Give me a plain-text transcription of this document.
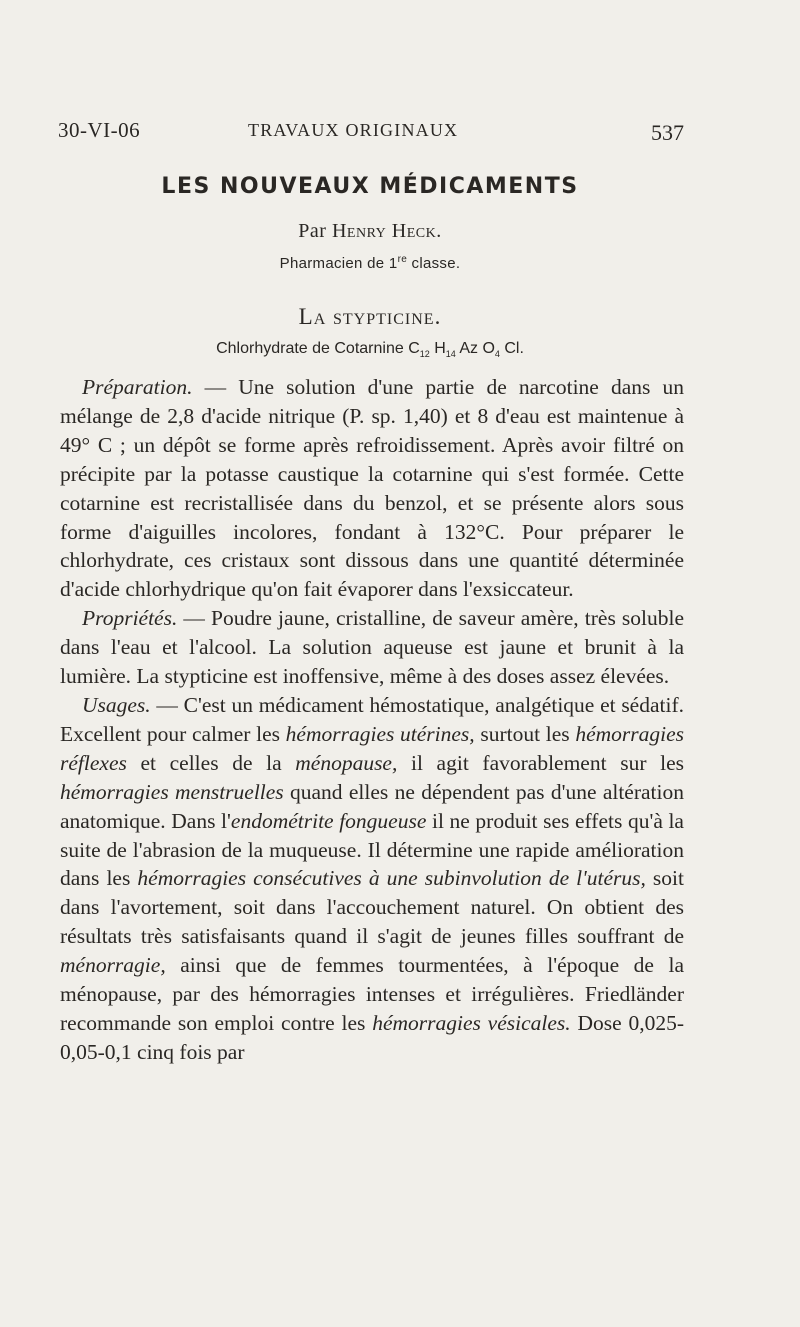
30-VI-06	TRAVAUX ORIGINAUX	537
LES NOUVEAUX MÉDICAMENTS
Par Henry Heck.
Pharmacien de 1re classe.
La stypticine.
Chlorhydrate de Cotarnine $C_{12}$ $H_{14}$ Az $O_4$ Cl.

Préparation. — Une solution d'une partie de narcotine dans un mélange de 2,8 d'acide nitrique (P. sp. 1,40) et 8 d'eau est maintenue à 49° C ; un dépôt se forme après refroidissement. Après avoir filtré on précipite par la potasse caustique la cotarnine qui s'est formée. Cette cotarnine est recristallisée dans du benzol, et se présente alors sous forme d'aiguilles incolores, fondant à 132°C. Pour préparer le chlorhydrate, ces cristaux sont dissous dans une quantité déterminée d'acide chlorhydrique qu'on fait évaporer dans l'exsiccateur.

Propriétés. — Poudre jaune, cristalline, de saveur amère, très soluble dans l'eau et l'alcool. La solution aqueuse est jaune et brunit à la lumière. La stypticine est inoffensive, même à des doses assez élevées.

Usages. — C'est un médicament hémostatique, analgétique et sédatif. Excellent pour calmer les hémorragies utérines, surtout les hémorragies réflexes et celles de la ménopause, il agit favorablement sur les hémorragies menstruelles quand elles ne dépendent pas d'une altération anatomique. Dans l'endométrite fongueuse il ne produit ses effets qu'à la suite de l'abrasion de la muqueuse. Il détermine une rapide amélioration dans les hémorragies consécutives à une subinvolution de l'utérus, soit dans l'avortement, soit dans l'accouchement naturel. On obtient des résultats très satisfaisants quand il s'agit de jeunes filles souffrant de ménorragie, ainsi que de femmes tourmentées, à l'époque de la ménopause, par des hémorragies intenses et irrégulières. Friedländer recommande son emploi contre les hémorragies vésicales. Dose 0,025-0,05-0,1 cinq fois par
